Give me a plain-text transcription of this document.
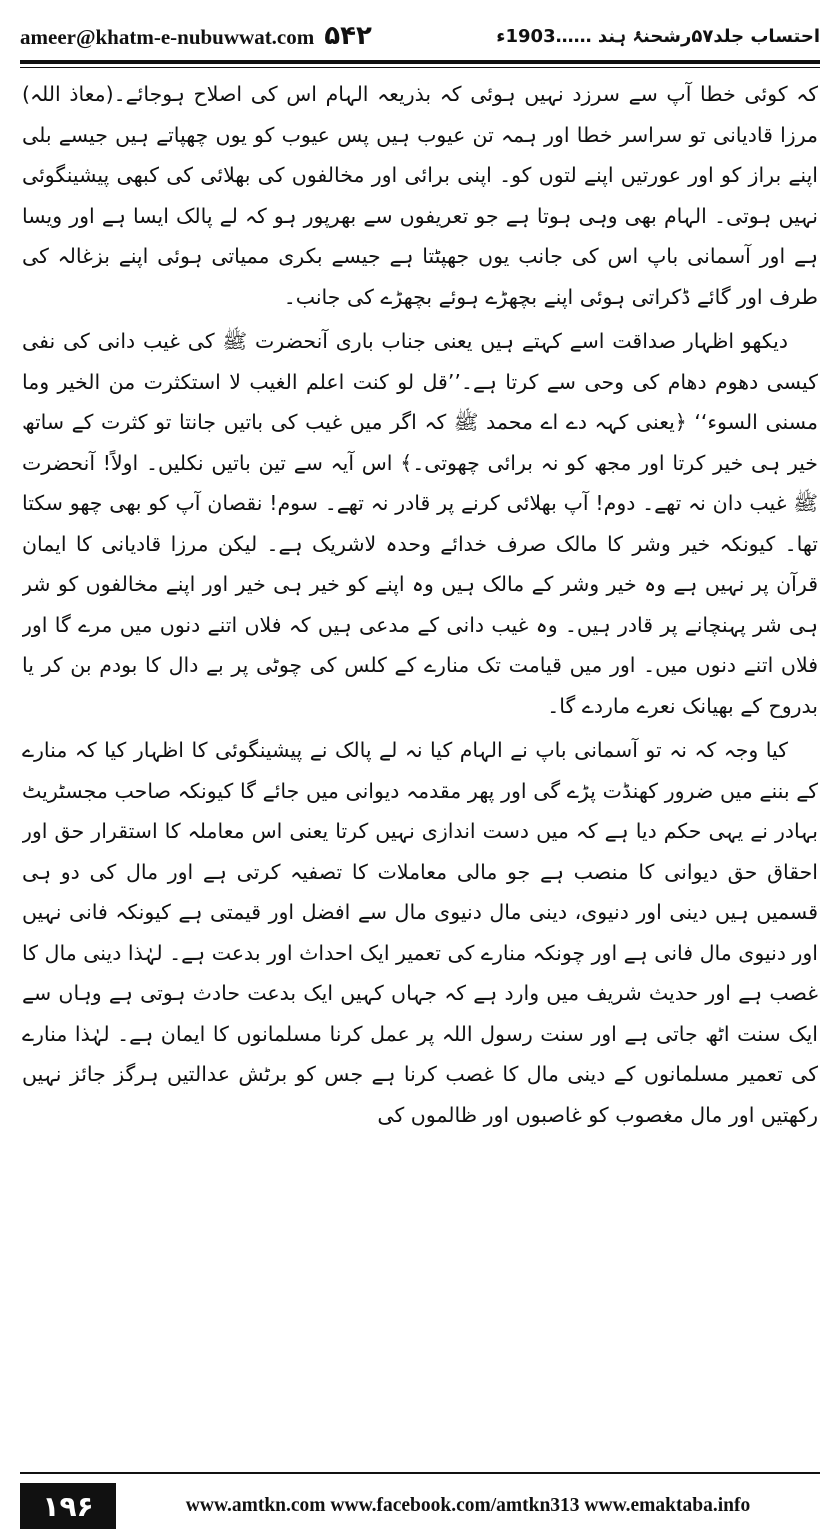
ameer@khatm-e-nubuwwat.com ۵۴۲	احتساب جلد۵۷رشحنۂ ہند ……1903ء

کہ کوئی خطا آپ سے سرزد نہیں ہوئی کہ بذریعہ الہام اس کی اصلاح ہوجائے۔(معاذ اللہ) مرزا قادیانی تو سراسر خطا اور ہمہ تن عیوب ہیں پس عیوب کو یوں چھپاتے ہیں جیسے بلی اپنے براز کو اور عورتیں اپنے لتوں کو۔ اپنی برائی اور مخالفوں کی بھلائی کی کبھی پیشینگوئی نہیں ہوتی۔ الہام بھی وہی ہوتا ہے جو تعریفوں سے بھرپور ہو کہ لے پالک ایسا ہے اور ویسا ہے اور آسمانی باپ اس کی جانب یوں جھپٹتا ہے جیسے بکری ممیاتی ہوئی اپنے بزغالہ کی طرف اور گائے ڈکراتی ہوئی اپنے بچھڑے ہوئے بچھڑے کی جانب۔

دیکھو اظہار صداقت اسے کہتے ہیں یعنی جناب باری آنحضرت ﷺ کی غیب دانی کی نفی کیسی دھوم دھام کی وحی سے کرتا ہے۔’’قل لو کنت اعلم الغیب لا استکثرت من الخیر وما مسنی السوء‘‘ ﴿یعنی کہہ دے اے محمد ﷺ کہ اگر میں غیب کی باتیں جانتا تو کثرت کے ساتھ خیر ہی خیر کرتا اور مجھ کو نہ برائی چھوتی۔﴾ اس آیہ سے تین باتیں نکلیں۔ اولاً! آنحضرت ﷺ غیب دان نہ تھے۔ دوم! آپ بھلائی کرنے پر قادر نہ تھے۔ سوم! نقصان آپ کو بھی چھو سکتا تھا۔ کیونکہ خیر وشر کا مالک صرف خدائے وحدہ لاشریک ہے۔ لیکن مرزا قادیانی کا ایمان قرآن پر نہیں ہے وہ خیر وشر کے مالک ہیں وہ اپنے کو خیر ہی خیر اور اپنے مخالفوں کو شر ہی شر پہنچانے پر قادر ہیں۔ وہ غیب دانی کے مدعی ہیں کہ فلاں اتنے دنوں میں مرے گا اور فلاں اتنے دنوں میں۔ اور میں قیامت تک منارے کے کلس کی چوٹی پر بے دال کا بودم بن کر یا بدروح کے بھیانک نعرے ماردے گا۔

کیا وجہ کہ نہ تو آسمانی باپ نے الہام کیا نہ لے پالک نے پیشینگوئی کا اظہار کیا کہ منارے کے بننے میں ضرور کھنڈت پڑے گی اور پھر مقدمہ دیوانی میں جائے گا کیونکہ صاحب مجسٹریٹ بہادر نے یہی حکم دیا ہے کہ میں دست اندازی نہیں کرتا یعنی اس معاملہ کا استقرار حق اور احقاق حق دیوانی کا منصب ہے جو مالی معاملات کا تصفیہ کرتی ہے اور مال کی دو ہی قسمیں ہیں دینی اور دنیوی، دینی مال دنیوی مال سے افضل اور قیمتی ہے کیونکہ فانی نہیں اور دنیوی مال فانی ہے اور چونکہ منارے کی تعمیر ایک احداث اور بدعت ہے۔ لہٰذا دینی مال کا غصب ہے اور حدیث شریف میں وارد ہے کہ جہاں کہیں ایک بدعت حادث ہوتی ہے وہاں سے ایک سنت اٹھ جاتی ہے اور سنت رسول اللہ پر عمل کرنا مسلمانوں کا ایمان ہے۔ لہٰذا منارے کی تعمیر مسلمانوں کے دینی مال کا غصب کرنا ہے جس کو برٹش عدالتیں ہرگز جائز نہیں رکھتیں اور مال مغصوب کو غاصبوں اور ظالموں کی

۱۹۶	www.amtkn.com www.facebook.com/amtkn313 www.emaktaba.info
